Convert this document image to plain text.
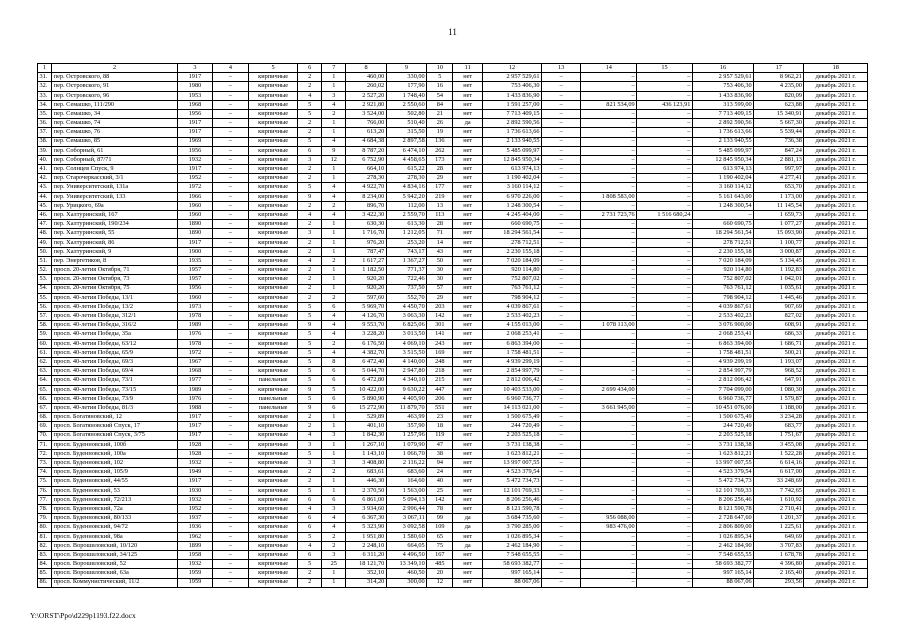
11
1	2	3	4	5	6	7	8	9	10	11	12	13	14	15	16	17	18
31.	пер. Островского, 88	1917	–	кирпичные	2	1	460,00	330,00	5	нет	2 957 529,61	–	–	–	2 957 529,61	8 962,21	декабрь 2021 г.
32.	пер. Островского, 91	1980	–	кирпичные	2	1	260,02	177,90	16	нет	753 406,30	–	–	–	753 406,30	4 235,00	декабрь 2021 г.
33.	пер. Островского, 96	1953	–	кирпичные	4	3	2 527,20	1 748,40	54	нет	1 433 836,90	–	–	–	1 433 836,90	820,09	декабрь 2021 г.
34.	пер. Семашко, 111/290	1968	–	кирпичные	5	4	2 921,80	2 550,60	84	нет	1 591 257,00	–	821 534,09	436 123,91	313 599,00	623,88	декабрь 2021 г.
35.	пер. Семашко, 34	1956	–	кирпичные	5	2	3 524,00	502,80	21	нет	7 713 409,15	–	–	–	7 713 409,15	15 340,91	декабрь 2021 г.
36.	пер. Семашко, 74	1917	–	кирпичные	2	1	766,00	510,40	26	да	2 892 590,56	–	–	–	2 892 590,56	5 667,30	декабрь 2021 г.
37.	пер. Семашко, 76	1917	–	кирпичные	2	1	613,20	315,50	19	нет	1 736 613,66	–	–	–	1 736 613,66	5 539,44	декабрь 2021 г.
38.	пер. Семашко, 85	1969	–	кирпичные	5	4	4 684,38	2 897,58	136	нет	2 133 940,55	–	–	–	2 133 940,55	736,38	декабрь 2021 г.
39.	пер. Соборный, 61	1956	–	кирпичные	6	9	8 787,20	6 474,10	262	нет	5 485 099,97	–	–	–	5 485 099,97	847,24	декабрь 2021 г.
40.	пер. Соборный, 87/71	1932	–	кирпичные	3	12	6 752,90	4 458,65	173	нет	12 845 950,34	–	–	–	12 845 950,34	2 881,13	декабрь 2021 г.
41.	пер. Солнцев Спуск, 9	1917	–	кирпичные	2	1	664,10	615,22	28	нет	613 974,13	–	–	–	613 974,13	997,97	декабрь 2021 г.
42.	пер. Старочеркасский, 3/1	1952	–	кирпичные	2	1	278,30	278,30	29	нет	1 190 402,04	–	–	–	1 190 402,04	4 277,41	декабрь 2021 г.
43.	пер. Университетский, 131а	1972	–	кирпичные	5	4	4 922,70	4 834,16	177	нет	3 160 114,12	–	–	–	3 160 114,12	653,70	декабрь 2021 г.
44.	пер. Университетский, 133	1966	–	кирпичные	9	4	8 234,00	5 942,20	219	нет	6 970 226,00	–	1 808 583,00	–	5 161 643,00	1 173,00	декабрь 2021 г.
45.	пер. Урицкого, 69а	1960	–	кирпичные	2	2	896,70	112,00	13	нет	1 248 300,54	–	–	–	1 248 300,54	11 145,54	декабрь 2021 г.
46.	пер. Халтуринский, 167	1960	–	кирпичные	4	4	3 422,30	2 559,70	113	нет	4 245 404,00	–	2 731 723,76	1 516 680,24	–	1 659,73	декабрь 2021 г.
47.	пер. Халтуринский, 190/234	1890	–	кирпичные	2	1	630,30	613,30	28	нет	660 690,75	–	–	–	660 690,75	1 077,27	декабрь 2021 г.
48.	пер. Халтуринский, 55	1890	–	кирпичные	3	1	1 716,70	1 212,05	71	нет	18 294 561,54	–	–	–	18 294 561,54	15 093,90	декабрь 2021 г.
49.	пер. Халтуринский, 86	1917	–	кирпичные	2	1	976,20	253,20	14	нет	278 712,51	–	–	–	278 712,51	1 100,77	декабрь 2021 г.
50.	пер. Халтуринский, 9	1900	–	кирпичные	2	1	787,47	743,17	43	нет	2 230 155,18	–	–	–	2 230 155,18	3 000,87	декабрь 2021 г.
51.	пер. Энергетиков, 8	1935	–	кирпичные	4	2	1 617,27	1 367,27	50	нет	7 020 184,09	–	–	–	7 020 184,09	5 134,45	декабрь 2021 г.
52.	просп. 20-летия Октября, 71	1957	–	кирпичные	2	1	1 182,50	771,37	30	нет	920 114,80	–	–	–	920 114,80	1 192,83	декабрь 2021 г.
53.	просп. 20-летия Октября, 73	1957	–	кирпичные	2	1	920,20	722,46	30	нет	752 807,02	–	–	–	752 807,02	1 042,01	декабрь 2021 г.
54.	просп. 20-летия Октября, 75	1956	–	кирпичные	2	1	920,20	737,50	57	нет	763 761,12	–	–	–	763 761,12	1 035,61	декабрь 2021 г.
55.	просп. 40-летия Победы, 13/1	1960	–	кирпичные	2	2	597,60	552,70	29	нет	798 904,12	–	–	–	798 904,12	1 445,46	декабрь 2021 г.
56.	просп. 40-летия Победы, 13/2	1973	–	кирпичные	5	6	5 969,70	4 450,70	203	нет	4 039 867,61	–	–	–	4 039 867,61	907,69	декабрь 2021 г.
57.	просп. 40-летия Победы, 312/1	1978	–	кирпичные	5	4	4 126,70	3 063,30	142	нет	2 533 402,23	–	–	–	2 533 402,23	827,02	декабрь 2021 г.
58.	просп. 40-летия Победы, 316/2	1989	–	кирпичные	9	4	9 553,70	6 825,06	301	нет	4 155 013,00	–	1 078 113,00	–	3 076 900,00	608,91	декабрь 2021 г.
59.	просп. 40-летия Победы, 35а	1976	–	кирпичные	5	4	3 228,20	3 013,50	141	нет	2 068 253,41	–	–	–	2 068 253,41	686,33	декабрь 2021 г.
60.	просп. 40-летия Победы, 63/12	1978	–	кирпичные	5	2	6 176,50	4 069,10	243	нет	6 863 394,00	–	–	–	6 863 394,00	1 686,71	декабрь 2021 г.
61.	просп. 40-летия Победы, 65/9	1972	–	кирпичные	5	4	4 382,70	3 515,50	169	нет	1 758 481,51	–	–	–	1 758 481,51	500,21	декабрь 2021 г.
62.	просп. 40-летия Победы, 69/3	1967	–	кирпичные	5	8	6 472,40	4 140,00	248	нет	4 939 299,19	–	–	–	4 939 299,19	1 193,07	декабрь 2021 г.
63.	просп. 40-летия Победы, 69/4	1968	–	кирпичные	5	6	5 044,70	2 947,80	218	нет	2 854 997,79	–	–	–	2 854 997,79	968,52	декабрь 2021 г.
64.	просп. 40-летия Победы, 73/1	1977	–	панельные	5	6	6 472,80	4 340,10	215	нет	2 812 006,42	–	–	–	2 812 006,42	647,91	декабрь 2021 г.
65.	просп. 40-летия Победы, 73/15	1989	–	кирпичные	9	5	10 422,00	9 630,22	447	нет	10 403 533,00	–	2 699 434,00	–	7 704 099,00	1 080,30	декабрь 2021 г.
66.	просп. 40-летия Победы, 73/9	1976	–	панельные	5	6	5 890,90	4 405,90	206	нет	6 960 736,77	–	–	–	6 960 736,77	1 579,87	декабрь 2021 г.
67.	просп. 40-летия Победы, 81/3	1988	–	панельные	9	6	15 272,90	11 879,70	551	нет	14 113 021,00	–	3 661 945,00	–	10 451 076,00	1 188,00	декабрь 2021 г.
68.	просп. Богатяновский, 12	1917	–	кирпичные	2	1	529,89	463,99	23	нет	1 500 675,49	–	–	–	1 500 675,49	3 234,28	декабрь 2021 г.
69.	просп. Богатяновский Спуск, 17	1917	–	кирпичные	2	1	401,10	357,90	18	нет	244 720,49	–	–	–	244 720,49	683,77	декабрь 2021 г.
70.	просп. Богатяновский Спуск, 3/75	1917	–	кирпичные	4	3	1 842,30	1 257,96	119	нет	2 203 525,18	–	–	–	2 203 525,18	1 751,67	декабрь 2021 г.
71.	просп. Буденновский, 100б	1928	–	кирпичные	3	1	1 267,10	1 079,90	47	нет	3 731 138,38	–	–	–	3 731 138,38	3 455,08	декабрь 2021 г.
72.	просп. Буденновский, 100а	1928	–	кирпичные	5	1	1 143,10	1 066,70	38	нет	1 623 812,21	–	–	–	1 623 812,21	1 522,28	декабрь 2021 г.
73.	просп. Буденновский, 102	1932	–	кирпичные	3	3	3 408,80	2 116,22	94	нет	13 997 007,55	–	–	–	13 997 007,55	6 614,16	декабрь 2021 г.
74.	просп. Буденновский, 105/9	1949	–	кирпичные	2	2	683,61	683,60	24	нет	4 523 379,54	–	–	–	4 523 379,54	6 617,00	декабрь 2021 г.
75.	просп. Буденновский, 44/55	1917	–	кирпичные	2	1	446,30	164,60	40	нет	5 472 734,73	–	–	–	5 472 734,73	33 248,69	декабрь 2021 г.
76.	просп. Буденновский, 53	1930	–	кирпичные	5	1	2 370,50	1 563,00	25	нет	12 101 769,33	–	–	–	12 101 769,33	7 742,65	декабрь 2021 г.
77.	просп. Буденновский, 72/213	1932	–	кирпичные	6	6	6 861,00	5 094,13	142	нет	8 206 256,46	–	–	–	8 206 256,46	1 610,92	декабрь 2021 г.
78.	просп. Буденновский, 72а	1952	–	кирпичные	4	3	3 934,60	2 996,44	78	нет	8 121 590,78	–	–	–	8 121 590,78	2 710,41	декабрь 2021 г.
79.	просп. Буденновский, 80/133	1937	–	кирпичные	6	4	6 367,30	3 067,11	99	да	3 684 735,60	–	956 088,00	–	2 728 647,60	1 201,37	декабрь 2021 г.
80.	просп. Буденновский, 94/72	1936	–	кирпичные	6	4	5 323,90	3 092,58	109	да	3 790 285,00	–	983 476,00	–	2 806 809,00	1 225,61	декабрь 2021 г.
81.	просп. Буденновский, 98а	1962	–	кирпичные	5	2	1 951,80	1 580,60	65	нет	1 026 895,34	–	–	–	1 026 895,34	649,69	декабрь 2021 г.
82.	просп. Ворошиловский, 10/120	1899	–	кирпичные	4	2	2 248,10	664,05	75	да	2 462 184,90	–	–	–	2 462 184,90	3 707,83	декабрь 2021 г.
83.	просп. Ворошиловский, 34/125	1958	–	кирпичные	6	3	6 311,20	4 496,50	167	нет	7 548 655,55	–	–	–	7 548 655,55	1 678,78	декабрь 2021 г.
84.	просп. Ворошиловский, 52	1932	–	кирпичные	5	25	18 121,70	13 349,10	485	нет	58 693 382,77	–	–	–	58 693 382,77	4 396,80	декабрь 2021 г.
85.	просп. Ворошиловский, 63а	1959	–	кирпичные	2	1	352,10	460,50	20	нет	997 165,14	–	–	–	997 165,14	2 165,40	декабрь 2021 г.
86.	просп. Коммунистический, 11/2	1959	–	кирпичные	2	1	314,20	300,00	12	нет	88 067,06	–	–	–	88 067,06	293,56	декабрь 2021 г.
Y:\ORST\Ppo\d229p1193.f22.docx
